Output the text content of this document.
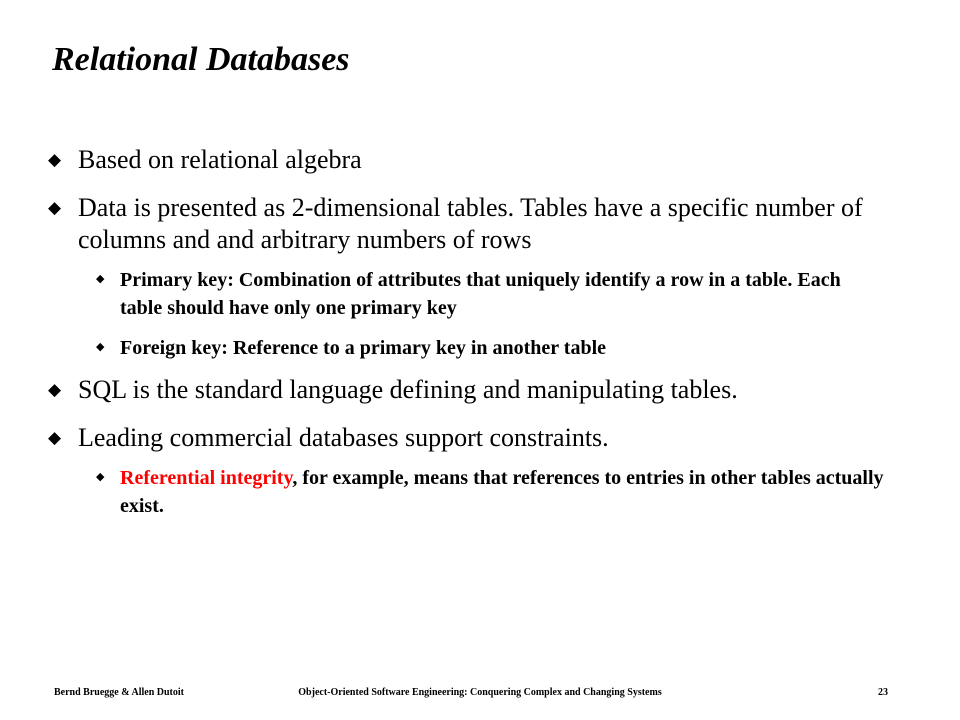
Relational Databases
◆ Based on relational algebra
◆ Data is presented as 2-dimensional tables. Tables have a specific number of columns and and arbitrary numbers of rows
◆ Primary key: Combination of attributes that uniquely identify a row in a table. Each table should have only one primary key
◆ Foreign key: Reference to a primary key in another table
◆ SQL is the standard language defining and manipulating tables.
◆ Leading commercial databases support constraints.
◆ Referential integrity, for example, means that references to entries in other tables actually exist.
Bernd Bruegge & Allen Dutoit	Object-Oriented Software Engineering: Conquering Complex and Changing Systems	23
